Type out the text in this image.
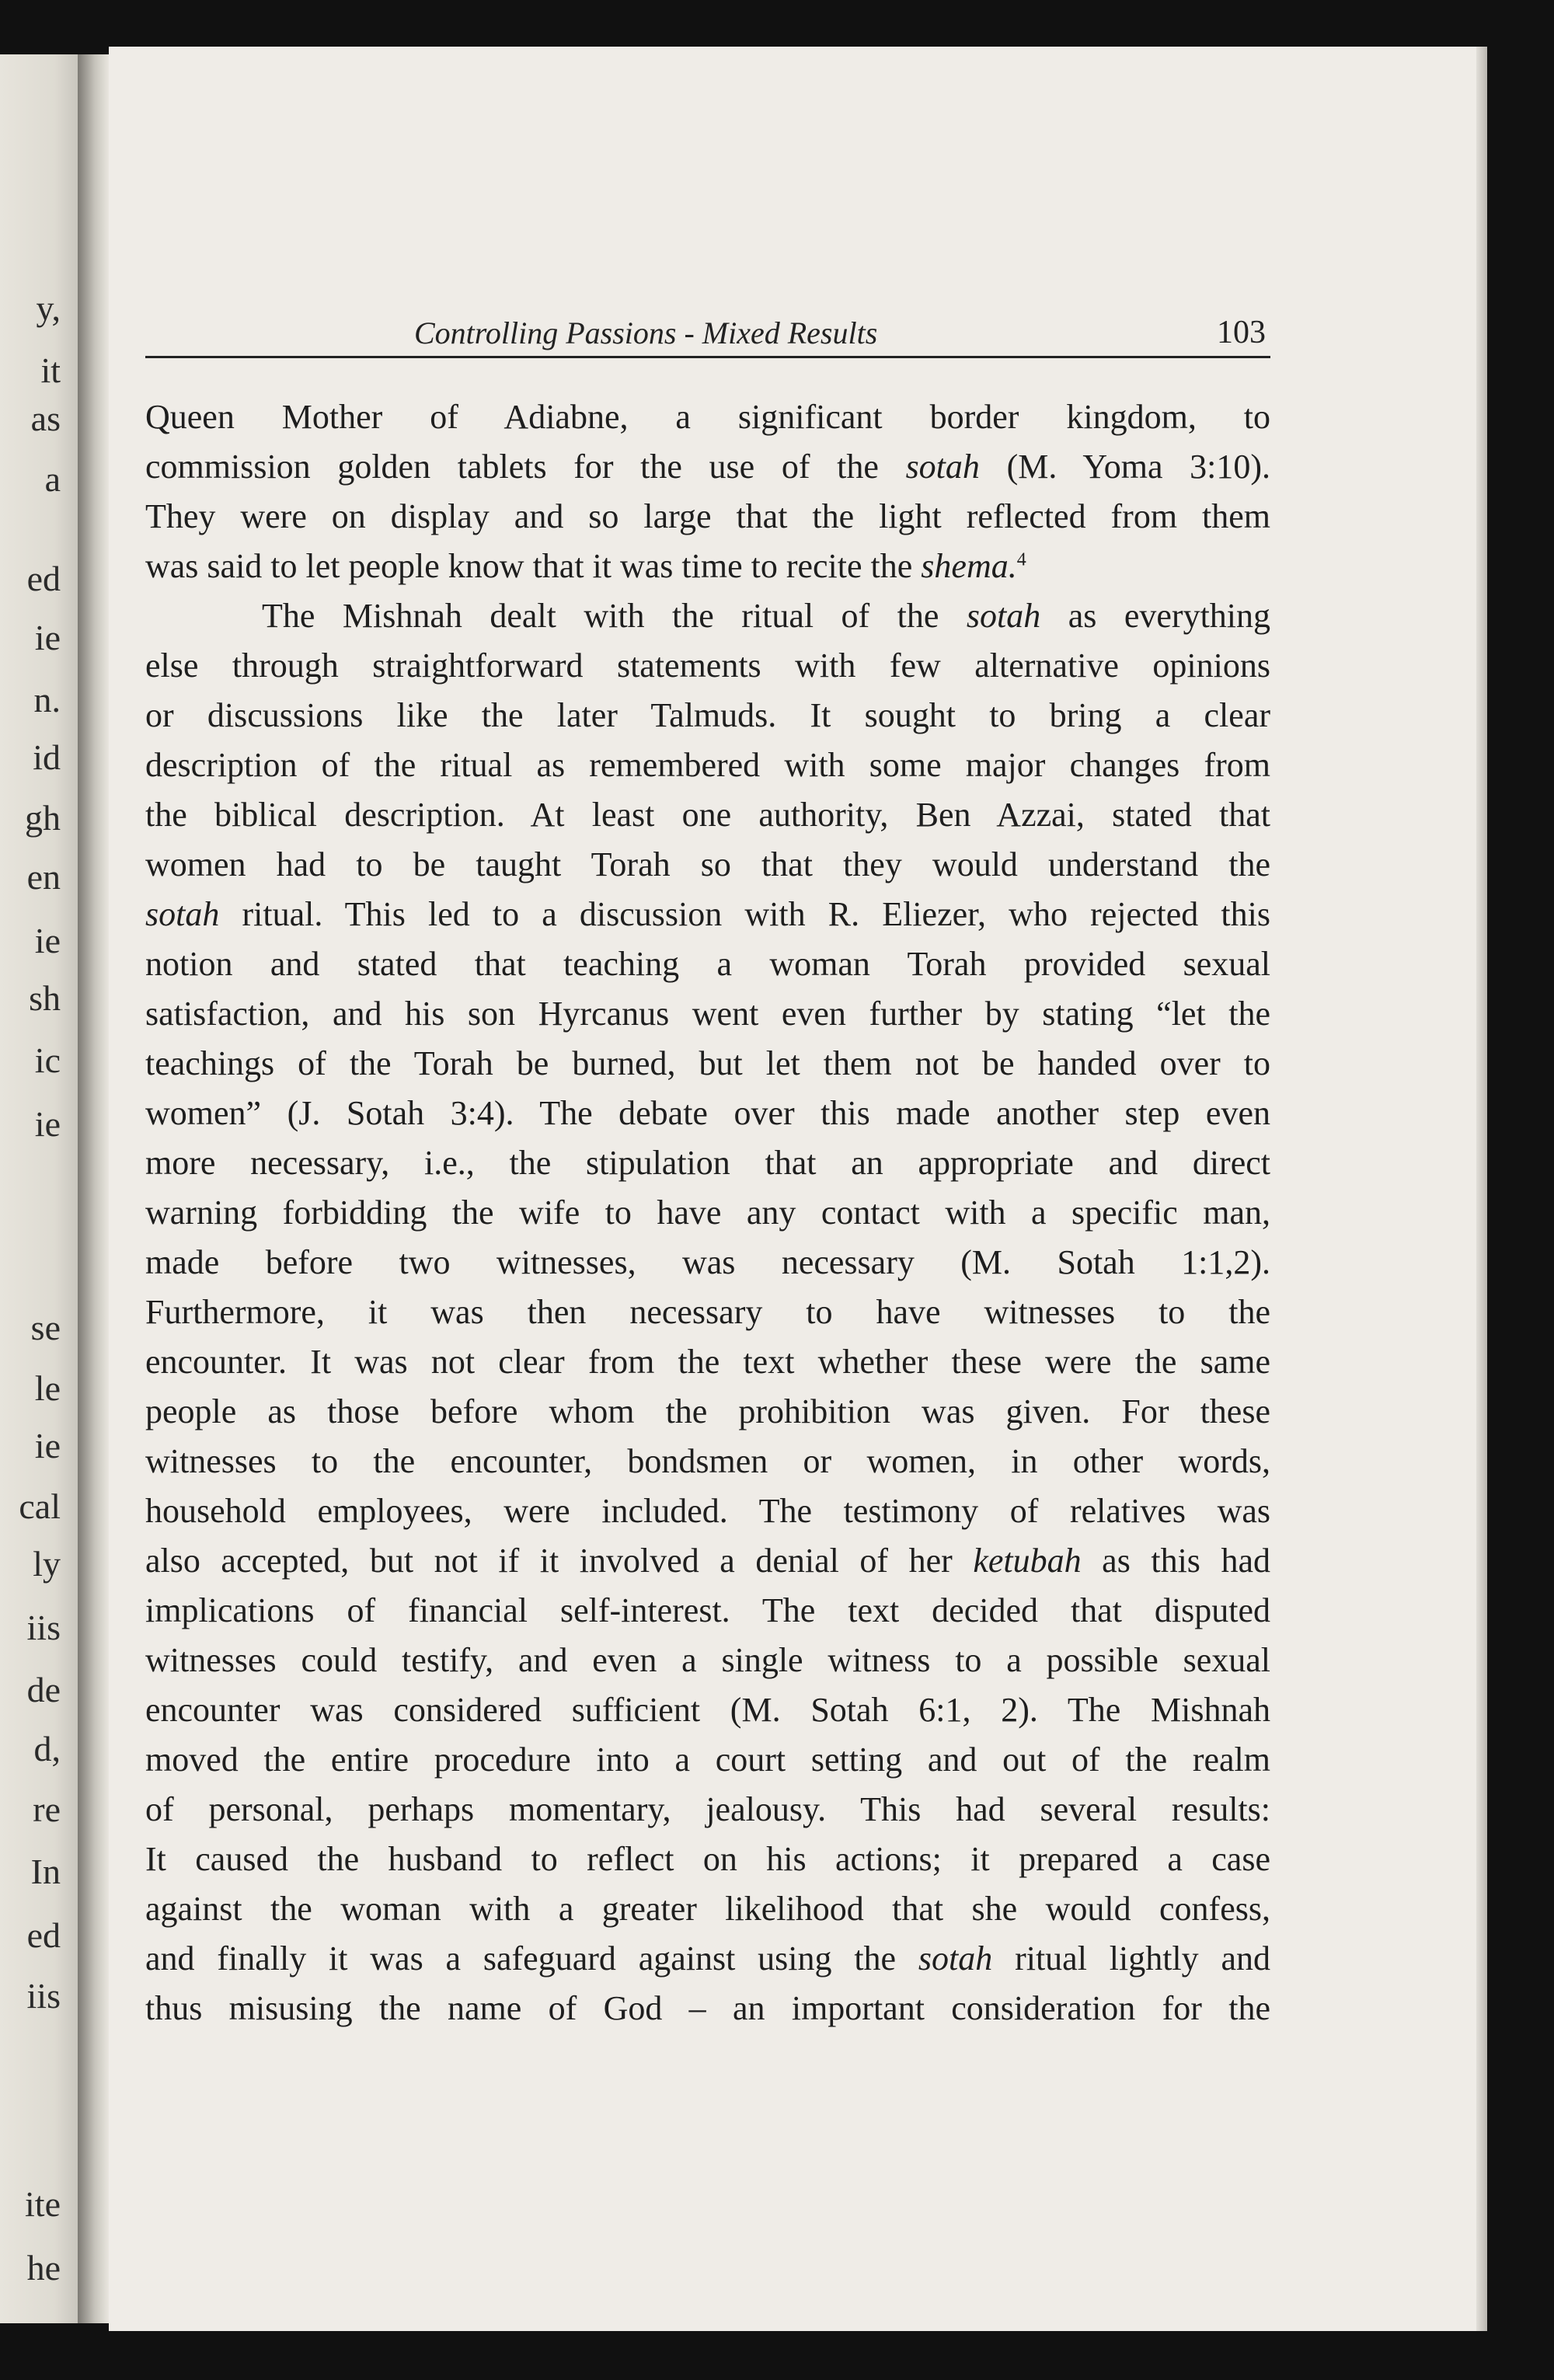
y,
it
as
a
ed
ie
n.
id
gh
en
ie
sh
ic
ie
se
le
ie
cal
ly
iis
de
d,
re
In
ed
iis
ite
he
Controlling Passions - Mixed Results	103
Queen Mother of Adiabne, a significant border kingdom, to
commission golden tablets for the use of the sotah (M. Yoma 3:10).
They were on display and so large that the light reflected from them
was said to let people know that it was time to recite the shema.$^4$
The Mishnah dealt with the ritual of the sotah as everything
else through straightforward statements with few alternative opinions
or discussions like the later Talmuds. It sought to bring a clear
description of the ritual as remembered with some major changes from
the biblical description. At least one authority, Ben Azzai, stated that
women had to be taught Torah so that they would understand the
sotah ritual. This led to a discussion with R. Eliezer, who rejected this
notion and stated that teaching a woman Torah provided sexual
satisfaction, and his son Hyrcanus went even further by stating “let the
teachings of the Torah be burned, but let them not be handed over to
women” (J. Sotah 3:4). The debate over this made another step even
more necessary, i.e., the stipulation that an appropriate and direct
warning forbidding the wife to have any contact with a specific man,
made before two witnesses, was necessary (M. Sotah 1:1,2).
Furthermore, it was then necessary to have witnesses to the
encounter. It was not clear from the text whether these were the same
people as those before whom the prohibition was given. For these
witnesses to the encounter, bondsmen or women, in other words,
household employees, were included. The testimony of relatives was
also accepted, but not if it involved a denial of her ketubah as this had
implications of financial self-interest. The text decided that disputed
witnesses could testify, and even a single witness to a possible sexual
encounter was considered sufficient (M. Sotah 6:1, 2). The Mishnah
moved the entire procedure into a court setting and out of the realm
of personal, perhaps momentary, jealousy. This had several results:
It caused the husband to reflect on his actions; it prepared a case
against the woman with a greater likelihood that she would confess,
and finally it was a safeguard against using the sotah ritual lightly and
thus misusing the name of God – an important consideration for the
